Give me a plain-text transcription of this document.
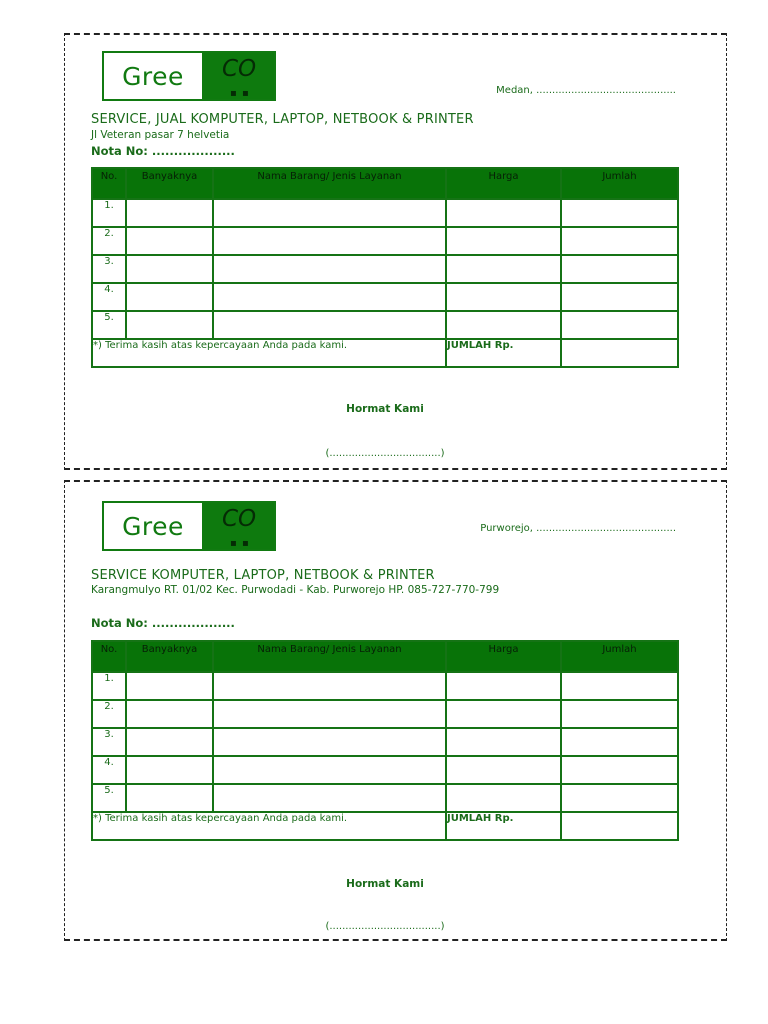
Gree CO
▪ ▪	Medan, ............................................
SERVICE, JUAL KOMPUTER, LAPTOP, NETBOOK & PRINTER
Jl Veteran pasar 7 helvetia
Nota No: ...................
No.	Banyaknya	Nama Barang/ Jenis Layanan	Harga	Jumlah
1.				
2.				
3.				
4.				
5.				
*) Terima kasih atas kepercayaan Anda pada kami.			JUMLAH Rp.	
Hormat Kami
(...................................)
Gree CO
▪ ▪
Purworejo, ............................................
SERVICE KOMPUTER, LAPTOP, NETBOOK & PRINTER
Karangmulyo RT. 01/02 Kec. Purwodadi - Kab. Purworejo HP. 085-727-770-799
Nota No: ...................
No.	Banyaknya	Nama Barang/ Jenis Layanan	Harga	Jumlah
1.				
2.				
3.				
4.				
5.				
*) Terima kasih atas kepercayaan Anda pada kami.			JUMLAH Rp.	
Hormat Kami
(...................................)
